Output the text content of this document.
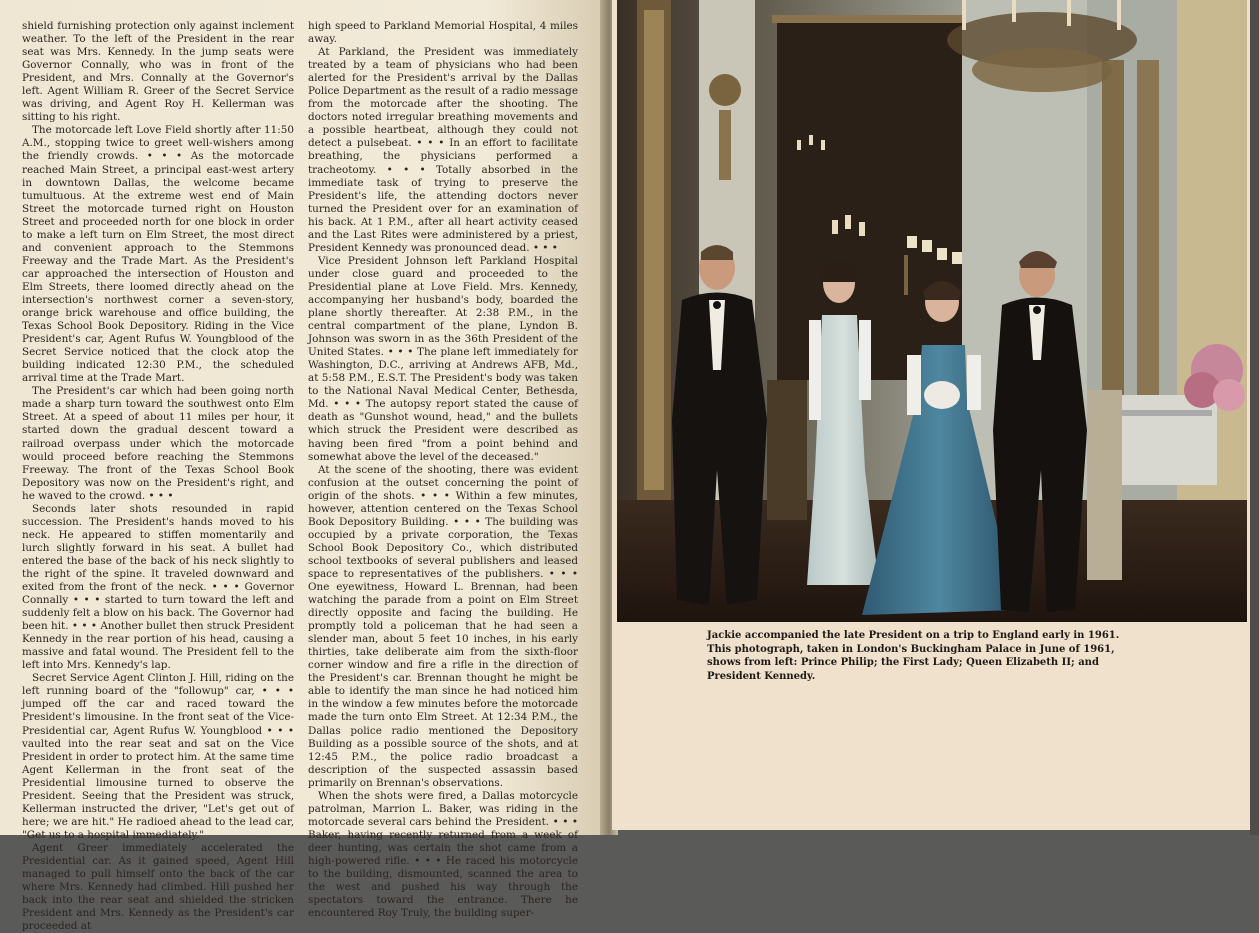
shield furnishing protection only against inclement weather. To the left of the President in the rear seat was Mrs. Kennedy. In the jump seats were Governor Connally, who was in front of the President, and Mrs. Connally at the Governor's left. Agent William R. Greer of the Secret Service was driving, and Agent Roy H. Kellerman was sitting to his right.

The motorcade left Love Field shortly after 11:50 A.M., stopping twice to greet well-wishers among the friendly crowds. • • • As the motorcade reached Main Street, a principal east-west artery in downtown Dallas, the welcome became tumultuous. At the extreme west end of Main Street the motorcade turned right on Houston Street and proceeded north for one block in order to make a left turn on Elm Street, the most direct and convenient approach to the Stemmons Freeway and the Trade Mart. As the President's car approached the intersection of Houston and Elm Streets, there loomed directly ahead on the intersection's northwest corner a seven-story, orange brick warehouse and office building, the Texas School Book Depository. Riding in the Vice President's car, Agent Rufus W. Youngblood of the Secret Service noticed that the clock atop the building indicated 12:30 P.M., the scheduled arrival time at the Trade Mart.

The President's car which had been going north made a sharp turn toward the southwest onto Elm Street. At a speed of about 11 miles per hour, it started down the gradual descent toward a railroad overpass under which the motorcade would proceed before reaching the Stemmons Freeway. The front of the Texas School Book Depository was now on the President's right, and he waved to the crowd. • • •

Seconds later shots resounded in rapid succession. The President's hands moved to his neck. He appeared to stiffen momentarily and lurch slightly forward in his seat. A bullet had entered the base of the back of his neck slightly to the right of the spine. It traveled downward and exited from the front of the neck. • • • Governor Connally • • • started to turn toward the left and suddenly felt a blow on his back. The Governor had been hit. • • • Another bullet then struck President Kennedy in the rear portion of his head, causing a massive and fatal wound. The President fell to the left into Mrs. Kennedy's lap.

Secret Service Agent Clinton J. Hill, riding on the left running board of the "followup" car, • • • jumped off the car and raced toward the President's limousine. In the front seat of the Vice-Presidential car, Agent Rufus W. Youngblood • • • vaulted into the rear seat and sat on the Vice President in order to protect him. At the same time Agent Kellerman in the front seat of the Presidential limousine turned to observe the President. Seeing that the President was struck, Kellerman instructed the driver, "Let's get out of here; we are hit." He radioed ahead to the lead car, "Get us to a hospital immediately."

Agent Greer immediately accelerated the Presidential car. As it gained speed, Agent Hill managed to pull himself onto the back of the car where Mrs. Kennedy had climbed. Hill pushed her back into the rear seat and shielded the stricken President and Mrs. Kennedy as the President's car proceeded at

high speed to Parkland Memorial Hospital, 4 miles away.

At Parkland, the President was immediately treated by a team of physicians who had been alerted for the President's arrival by the Dallas Police Department as the result of a radio message from the motorcade after the shooting. The doctors noted irregular breathing movements and a possible heartbeat, although they could not detect a pulsebeat. • • • In an effort to facilitate breathing, the physicians performed a tracheotomy. • • • Totally absorbed in the immediate task of trying to preserve the President's life, the attending doctors never turned the President over for an examination of his back. At 1 P.M., after all heart activity ceased and the Last Rites were administered by a priest, President Kennedy was pronounced dead. • • •

Vice President Johnson left Parkland Hospital under close guard and proceeded to the Presidential plane at Love Field. Mrs. Kennedy, accompanying her husband's body, boarded the plane shortly thereafter. At 2:38 P.M., in the central compartment of the plane, Lyndon B. Johnson was sworn in as the 36th President of the United States. • • • The plane left immediately for Washington, D.C., arriving at Andrews AFB, Md., at 5:58 P.M., E.S.T. The President's body was taken to the National Naval Medical Center, Bethesda, Md. • • • The autopsy report stated the cause of death as "Gunshot wound, head," and the bullets which struck the President were described as having been fired "from a point behind and somewhat above the level of the deceased."

At the scene of the shooting, there was evident confusion at the outset concerning the point of origin of the shots. • • • Within a few minutes, however, attention centered on the Texas School Book Depository Building. • • • The building was occupied by a private corporation, the Texas School Book Depository Co., which distributed school textbooks of several publishers and leased space to representatives of the publishers. • • • One eyewitness, Howard L. Brennan, had been watching the parade from a point on Elm Street directly opposite and facing the building. He promptly told a policeman that he had seen a slender man, about 5 feet 10 inches, in his early thirties, take deliberate aim from the sixth-floor corner window and fire a rifle in the direction of the President's car. Brennan thought he might be able to identify the man since he had noticed him in the window a few minutes before the motorcade made the turn onto Elm Street. At 12:34 P.M., the Dallas police radio mentioned the Depository Building as a possible source of the shots, and at 12:45 P.M., the police radio broadcast a description of the suspected assassin based primarily on Brennan's observations.

When the shots were fired, a Dallas motorcycle patrolman, Marrion L. Baker, was riding in the motorcade several cars behind the President. • • • Baker, having recently returned from a week of deer hunting, was certain the shot came from a high-powered rifle. • • • He raced his motorcycle to the building, dismounted, scanned the area to the west and pushed his way through the spectators toward the entrance. There he encountered Roy Truly, the building super-

Jackie accompanied the late President on a trip to England early in 1961. This photograph, taken in London's Buckingham Palace in June of 1961, shows from left: Prince Philip; the First Lady; Queen Elizabeth II; and President Kennedy.
